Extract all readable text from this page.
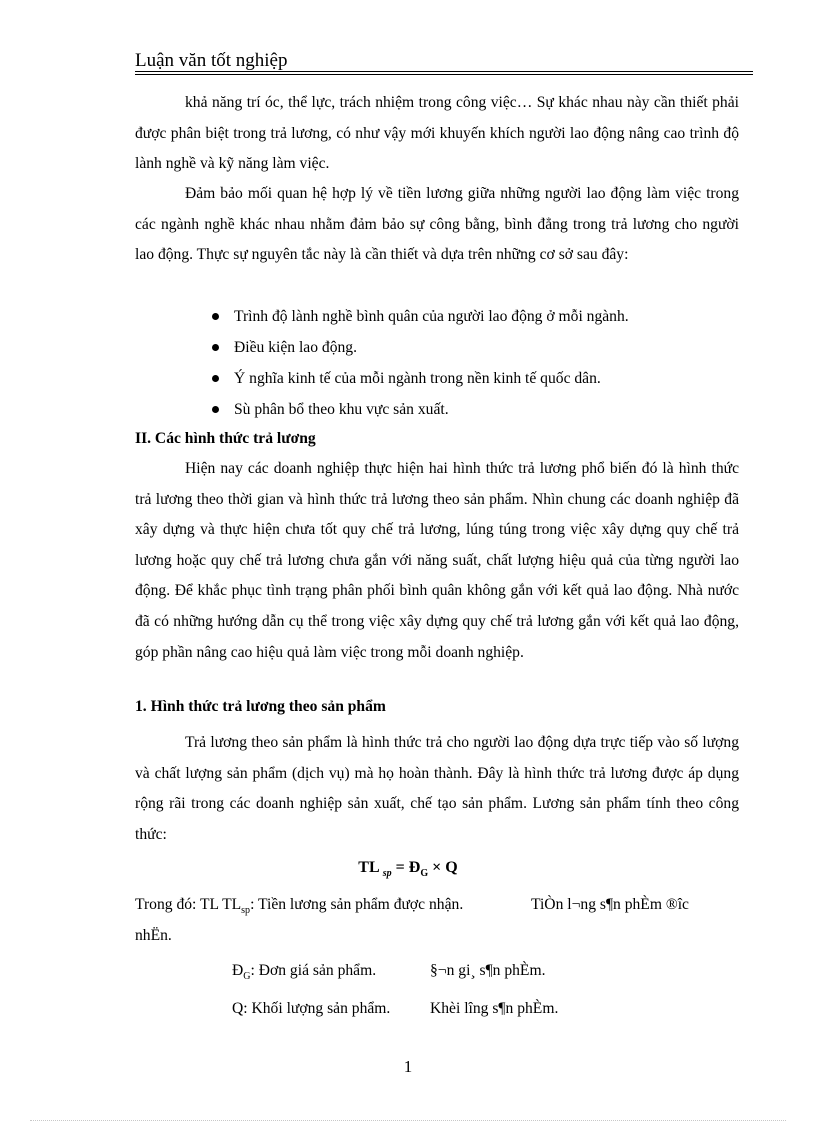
Luận văn tốt nghiệp
khả năng trí óc, thể lực, trách nhiệm trong công việc… Sự khác nhau này cần thiết phải được phân biệt trong trả lương, có như vậy mới khuyến khích người lao động nâng cao trình độ lành nghề và kỹ năng làm việc.
Đảm bảo mối quan hệ hợp lý về tiền lương giữa những người lao động làm việc trong các ngành nghề khác nhau nhằm đảm bảo sự công bằng, bình đẳng trong trả lương cho người lao động. Thực sự nguyên tắc này là cần thiết và dựa trên những cơ sở sau đây:
Trình độ lành nghề bình quân của người lao động ở mỗi ngành.
Điều kiện lao động.
Ý nghĩa kinh tế của mỗi ngành trong nền kinh tế quốc dân.
Sù phân bổ theo khu vực sản xuất.
II. Các hình thức trả lương
Hiện nay các doanh nghiệp thực hiện hai hình thức trả lương phổ biến đó là hình thức trả lương theo thời gian và hình thức trả lương theo sản phẩm. Nhìn chung các doanh nghiệp đã xây dựng và thực hiện chưa tốt quy chế trả lương, lúng túng trong việc xây dựng quy chế trả lương hoặc quy chế trả lương chưa gắn với năng suất, chất lượng hiệu quả của từng người lao động. Để khắc phục tình trạng phân phối bình quân không gắn với kết quả lao động. Nhà nước đã có những hướng dẫn cụ thể trong việc xây dựng quy chế trả lương gắn với kết quả lao động, góp phần nâng cao hiệu quả làm việc trong mỗi doanh nghiệp.
1. Hình thức trả lương theo sản phẩm
Trả lương theo sản phẩm là hình thức trả cho người lao động dựa trực tiếp vào số lượng và chất lượng sản phẩm (dịch vụ) mà họ hoàn thành. Đây là hình thức trả lương được áp dụng rộng rãi trong các doanh nghiệp sản xuất, chế tạo sản phẩm. Lương sản phẩm tính theo công thức:
TL $_{sp} = Đ_G \times Q$
Trong đó: TL $TL_{sp}$: Tiền lương sản phẩm được nhận.	TiÒn l¬ng s¶n phÈm ®îc
nhËn.
$Đ_G$: Đơn giá sản phẩm.	§¬n gi¸ s¶n phÈm.
Q: Khối lượng sản phẩm.	Khèi lîng s¶n phÈm.
1
